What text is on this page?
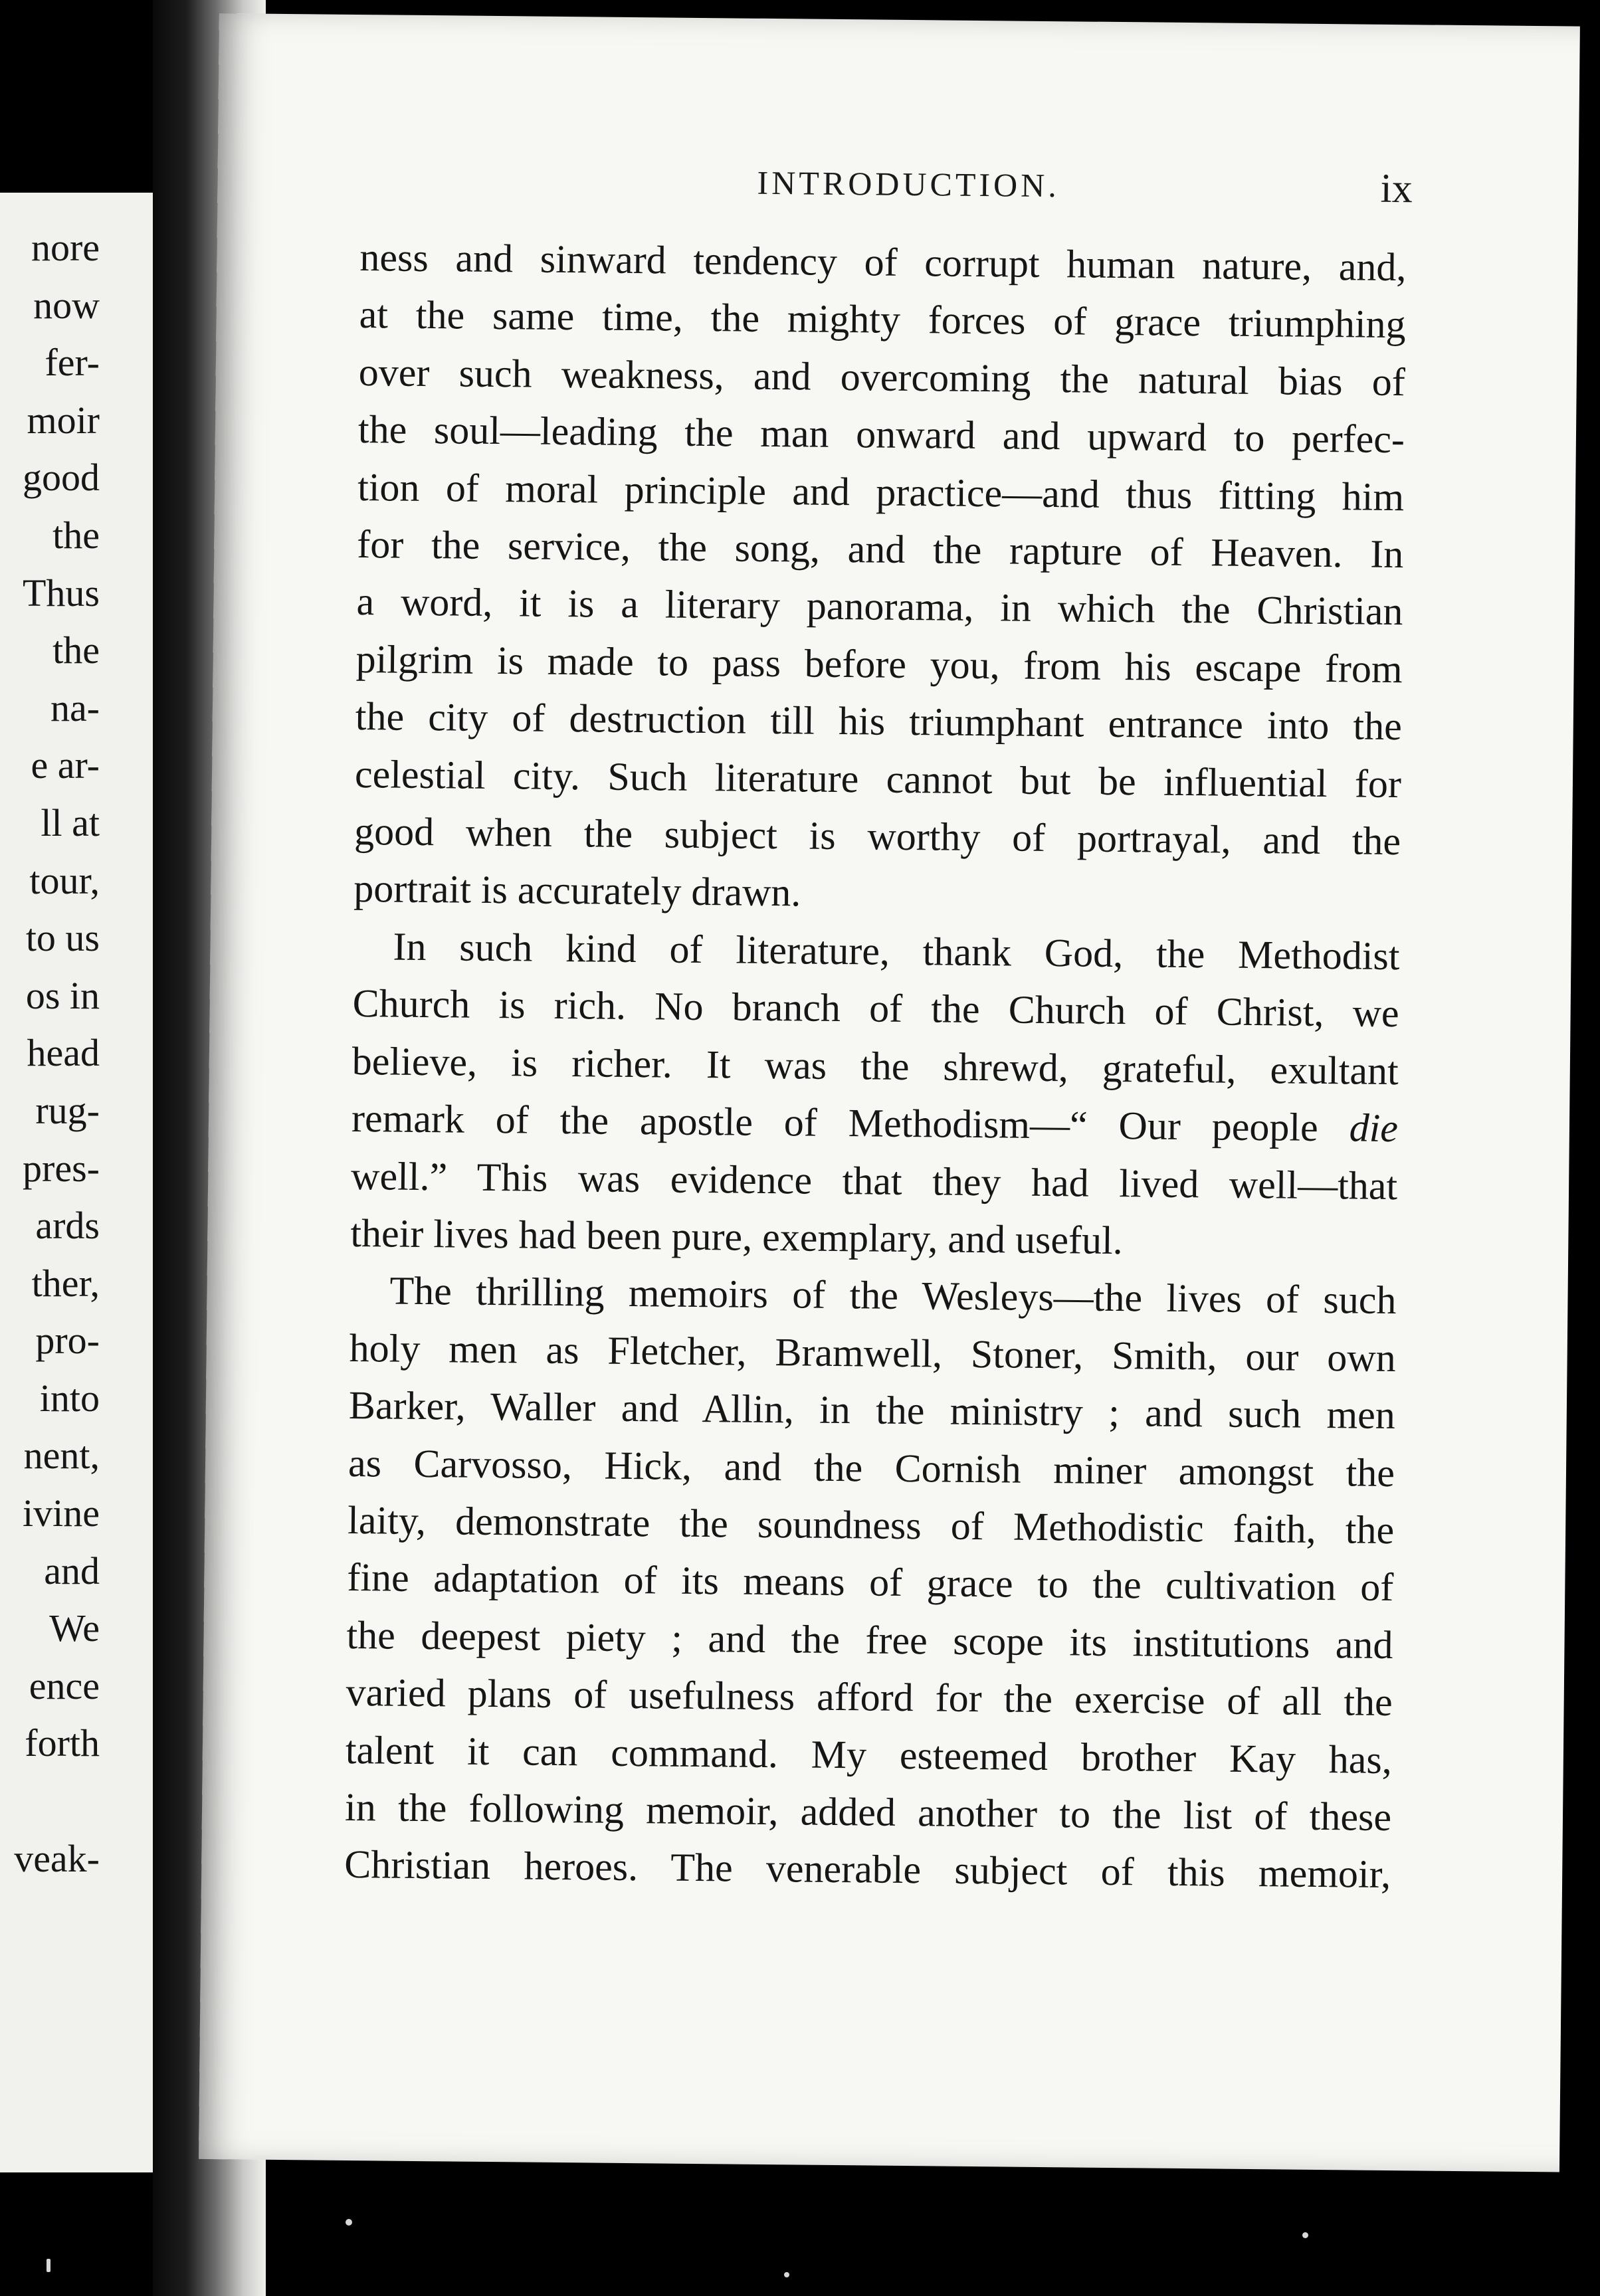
nore
now
fer-
moir
good
the
Thus
the
na-
e ar-
ll at
tour,
to us
os in
head
rug-
pres-
ards
ther,
pro-
into
nent,
ivine
and
We
ence
forth

veak-
INTRODUCTION.	ix
ness and sinward tendency of corrupt human nature, and,
at the same time, the mighty forces of grace triumphing
over such weakness, and overcoming the natural bias of
the soul—leading the man onward and upward to perfec-
tion of moral principle and practice—and thus fitting him
for the service, the song, and the rapture of Heaven. In
a word, it is a literary panorama, in which the Christian
pilgrim is made to pass before you, from his escape from
the city of destruction till his triumphant entrance into the
celestial city. Such literature cannot but be influential for
good when the subject is worthy of portrayal, and the
portrait is accurately drawn.
In such kind of literature, thank God, the Methodist
Church is rich. No branch of the Church of Christ, we
believe, is richer. It was the shrewd, grateful, exultant
remark of the apostle of Methodism—“ Our people die
well.” This was evidence that they had lived well—that
their lives had been pure, exemplary, and useful.
The thrilling memoirs of the Wesleys—the lives of such
holy men as Fletcher, Bramwell, Stoner, Smith, our own
Barker, Waller and Allin, in the ministry ; and such men
as Carvosso, Hick, and the Cornish miner amongst the
laity, demonstrate the soundness of Methodistic faith, the
fine adaptation of its means of grace to the cultivation of
the deepest piety ; and the free scope its institutions and
varied plans of usefulness afford for the exercise of all the
talent it can command. My esteemed brother Kay has,
in the following memoir, added another to the list of these
Christian heroes. The venerable subject of this memoir,
